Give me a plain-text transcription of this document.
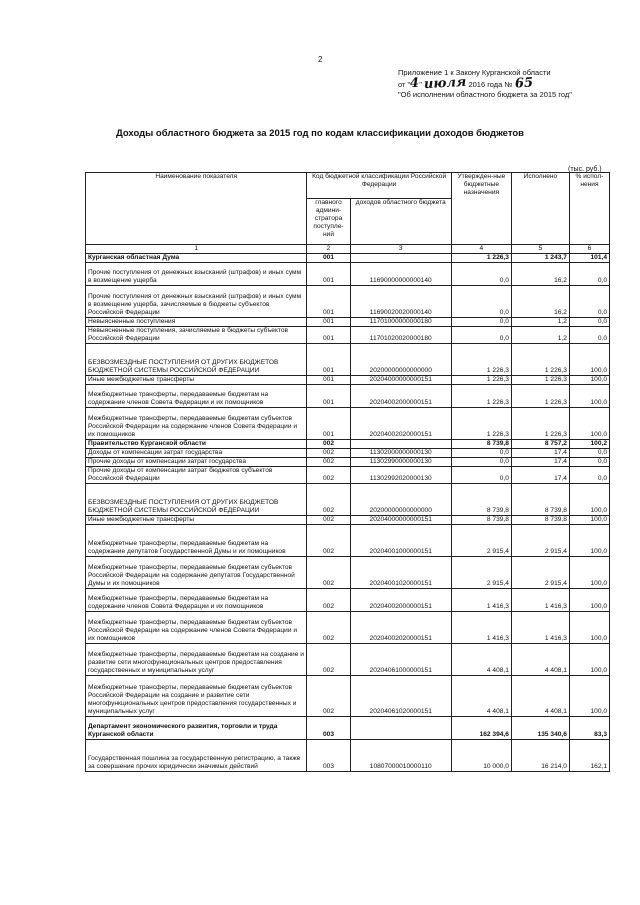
2
Приложение 1 к Закону Курганской области
от "4" июля 2016 года № 65
"Об исполнении областного бюджета за 2015 год"
Доходы областного бюджета за 2015 год по кодам классификации доходов бюджетов
(тыс. руб.)
Наименование показателя	Код бюджетной классификации Российской Федерации		Утвержден-ные бюджетные назначения	Исполнено	% испол-нения
	главного админи-стратора поступле-ний	доходов областного бюджета			
1	2	3	4	5	6
Курганская областная Дума	001		1 226,3	1 243,7	101,4
Прочие поступления от денежных взысканий (штрафов) и иных сумм в возмещение ущерба	001	11690000000000140	0,0	16,2	0,0
Прочие поступления от денежных взысканий (штрафов) и иных сумм в возмещение ущерба, зачисляемые в бюджеты субъектов Российской Федерации	001	11690020020000140	0,0	16,2	0,0
Невыясненные поступления	001	11701000000000180	0,0	1,2	0,0
Невыясненные поступления, зачисляемые в бюджеты субъектов Российской Федерации	001	11701020020000180	0,0	1,2	0,0
БЕЗВОЗМЕЗДНЫЕ ПОСТУПЛЕНИЯ ОТ ДРУГИХ БЮДЖЕТОВ БЮДЖЕТНОЙ СИСТЕМЫ РОССИЙСКОЙ ФЕДЕРАЦИИ	001	20200000000000000	1 226,3	1 226,3	100,0
Иные межбюджетные трансферты	001	20204000000000151	1 226,3	1 226,3	100,0
Межбюджетные трансферты, передаваемые бюджетам на содержание членов Совета Федерации и их помощников	001	20204002000000151	1 226,3	1 226,3	100,0
Межбюджетные трансферты, передаваемые бюджетам субъектов Российской Федерации на содержание членов Совета Федерации и их помощников	001	20204002020000151	1 226,3	1 226,3	100,0
Правительство Курганской области	002		8 739,8	8 757,2	100,2
Доходы от компенсации затрат государства	002	11302000000000130	0,0	17,4	0,0
Прочие доходы от компенсации затрат государства	002	11302990000000130	0,0	17,4	0,0
Прочие доходы от компенсации затрат бюджетов субъектов Российской Федерации	002	11302992020000130	0,0	17,4	0,0
БЕЗВОЗМЕЗДНЫЕ ПОСТУПЛЕНИЯ ОТ ДРУГИХ БЮДЖЕТОВ БЮДЖЕТНОЙ СИСТЕМЫ РОССИЙСКОЙ ФЕДЕРАЦИИ	002	20200000000000000	8 739,8	8 739,8	100,0
Иные межбюджетные трансферты	002	20204000000000151	8 739,8	8 739,8	100,0
Межбюджетные трансферты, передаваемые бюджетам на содержание депутатов Государственной Думы и их помощников	002	20204001000000151	2 915,4	2 915,4	100,0
Межбюджетные трансферты, передаваемые бюджетам субъектов Российской Федерации на содержание депутатов Государственной Думы и их помощников	002	20204001020000151	2 915,4	2 915,4	100,0
Межбюджетные трансферты, передаваемые бюджетам на содержание членов Совета Федерации и их помощников	002	20204002000000151	1 416,3	1 416,3	100,0
Межбюджетные трансферты, передаваемые бюджетам субъектов Российской Федерации на содержание членов Совета Федерации и их помощников	002	20204002020000151	1 416,3	1 416,3	100,0
Межбюджетные трансферты, передаваемые бюджетам на создание и развитие сети многофункциональных центров предоставления государственных и муниципальных услуг	002	20204061000000151	4 408,1	4 408,1	100,0
Межбюджетные трансферты, передаваемые бюджетам субъектов Российской Федерации на создание и развитие сети многофункциональных центров предоставления государственных и муниципальных услуг	002	20204061020000151	4 408,1	4 408,1	100,0
Департамент экономического развития, торговли и труда Курганской области	003		162 394,6	135 340,6	83,3
Государственная пошлина за государственную регистрацию, а также за совершение прочих юридически значимых действий	003	10807000010000110	10 000,0	16 214,0	162,1
